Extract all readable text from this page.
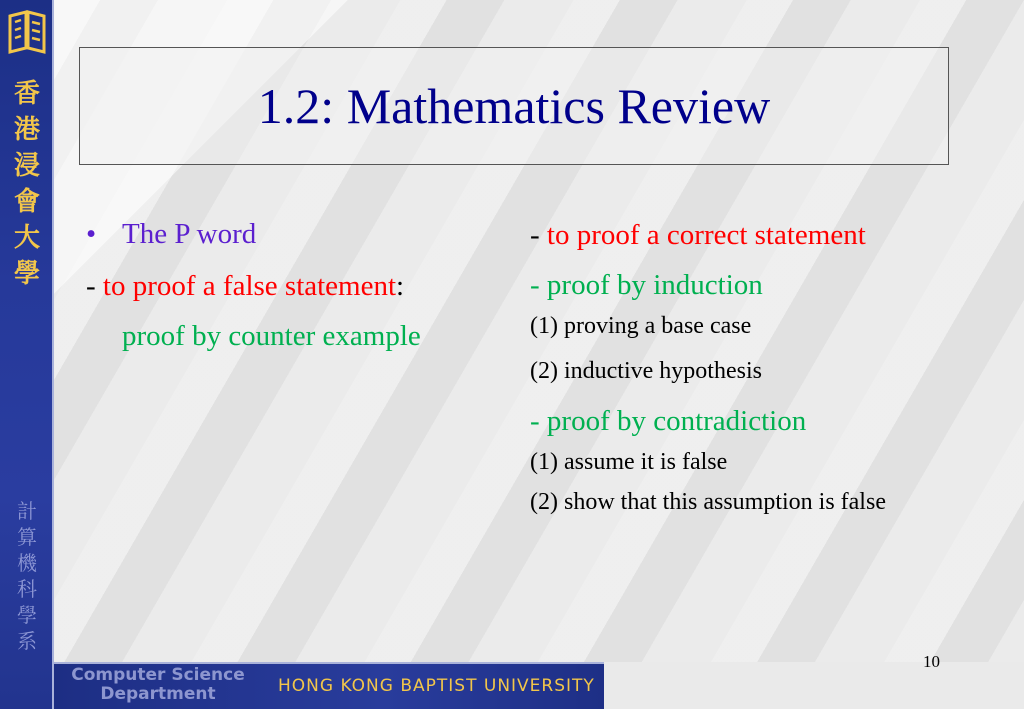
香
港
浸
會
大
學
計
算
機
科
學
系
1.2: Mathematics Review

• The P word

- to proof a false statement:

proof by counter example

- to proof a correct statement

- proof by induction

(1) proving a base case

(2) inductive hypothesis

- proof by contradiction

(1) assume it is false

(2) show that this assumption is false

10
Computer Science
Department	HONG KONG BAPTIST UNIVERSITY
